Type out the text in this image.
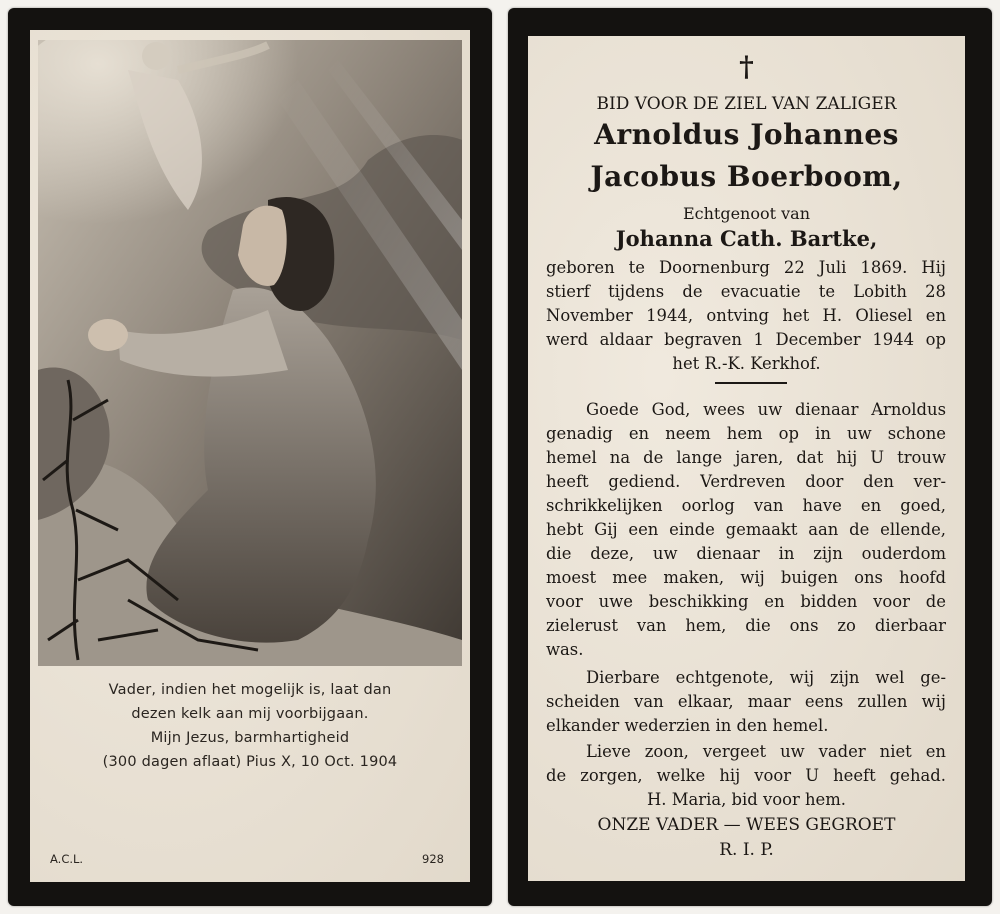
Vader, indien het mogelijk is, laat dan
dezen kelk aan mij voorbijgaan.
Mijn Jezus, barmhartigheid
(300 dagen aflaat) Pius X, 10 Oct. 1904
A.C.L.	928
†
BID VOOR DE ZIEL VAN ZALIGER
Arnoldus Johannes
Jacobus Boerboom,
Echtgenoot van
Johanna Cath. Bartke,
geboren te Doornenburg 22 Juli 1869. Hij
stierf tijdens de evacuatie te Lobith 28
November 1944, ontving het H. Oliesel en
werd aldaar begraven 1 December 1944 op
het R.-K. Kerkhof.
Goede God, wees uw dienaar Arnoldus
genadig en neem hem op in uw schone
hemel na de lange jaren, dat hij U trouw
heeft gediend. Verdreven door den ver-
schrikkelijken oorlog van have en goed,
hebt Gij een einde gemaakt aan de ellende,
die deze, uw dienaar in zijn ouderdom
moest mee maken, wij buigen ons hoofd
voor uwe beschikking en bidden voor de
zielerust van hem, die ons zo dierbaar
was.
Dierbare echtgenote, wij zijn wel ge-
scheiden van elkaar, maar eens zullen wij
elkander wederzien in den hemel.
Lieve zoon, vergeet uw vader niet en
de zorgen, welke hij voor U heeft gehad.
H. Maria, bid voor hem.
ONZE VADER — WEES GEGROET
R. I. P.
